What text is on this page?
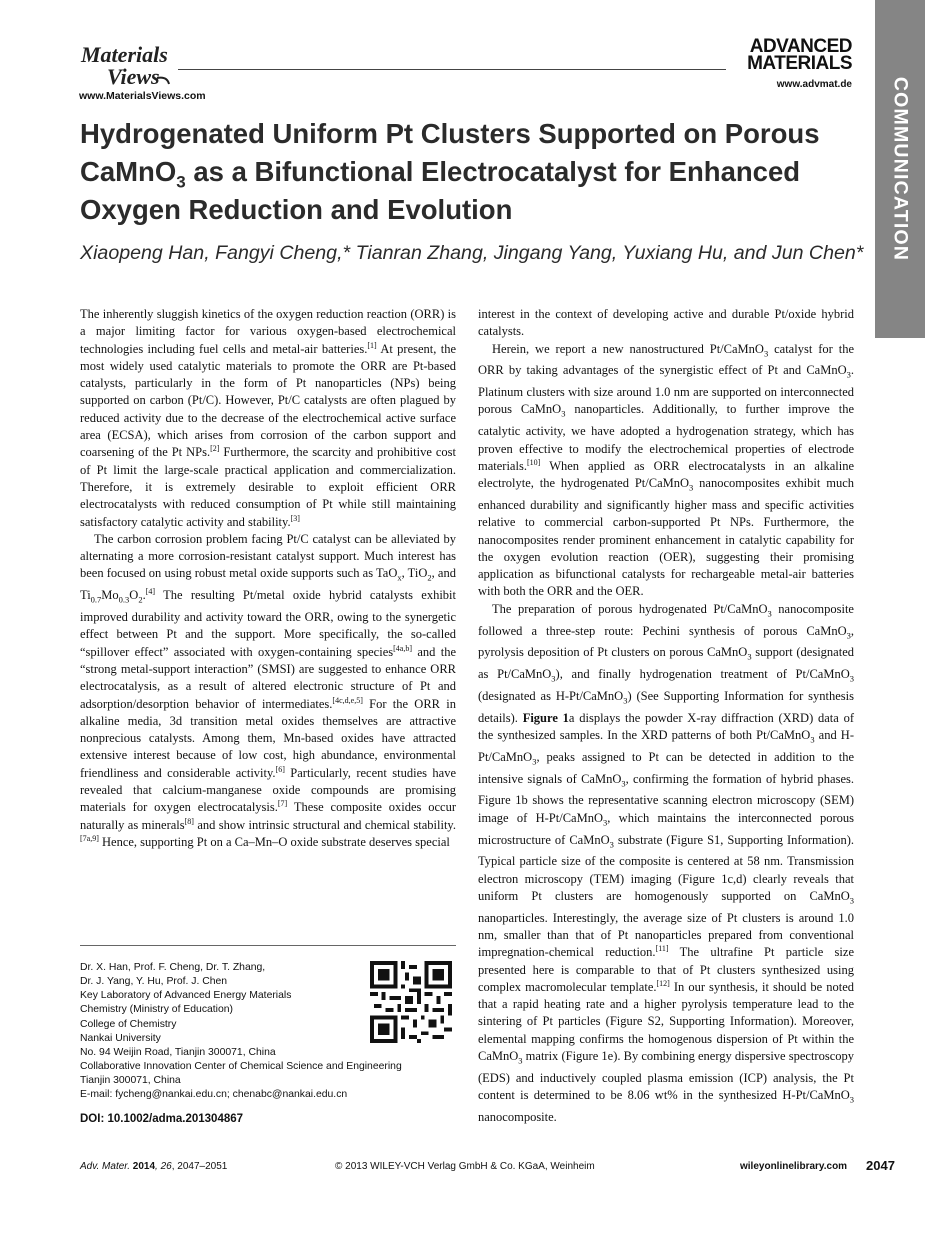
Materials
Views
www.MaterialsViews.com
ADVANCED
MATERIALS
www.advmat.de COMMUNICATION
Hydrogenated Uniform Pt Clusters Supported on Porous
CaMnO$_3$ as a Bifunctional Electrocatalyst for Enhanced
Oxygen Reduction and Evolution
Xiaopeng Han, Fangyi Cheng,* Tianran Zhang, Jingang Yang, Yuxiang Hu, and Jun Chen*

The inherently sluggish kinetics of the oxygen reduction reaction (ORR) is a major limiting factor for various oxygen-based electrochemical technologies including fuel cells and metal-air batteries.[1] At present, the most widely used catalytic materials to promote the ORR are Pt-based catalysts, particularly in the form of Pt nanoparticles (NPs) being supported on carbon (Pt/C). However, Pt/C catalysts are often plagued by reduced activity due to the decrease of the electrochemical active surface area (ECSA), which arises from corrosion of the carbon support and coarsening of the Pt NPs.[2] Furthermore, the scarcity and prohibitive cost of Pt limit the large-scale practical application and commercialization. Therefore, it is extremely desirable to exploit efficient ORR electrocatalysts with reduced consumption of Pt while still maintaining satisfactory catalytic activity and stability.[3]

The carbon corrosion problem facing Pt/C catalyst can be alleviated by alternating a more corrosion-resistant catalyst support. Much interest has been focused on using robust metal oxide supports such as TaO$_x$, TiO$_2$, and $Ti_{0.7}Mo_{0.3}O_2.[4]$ The resulting Pt/metal oxide hybrid catalysts exhibit improved durability and activity toward the ORR, owing to the synergetic effect between Pt and the support. More specifically, the so-called “spillover effect” associated with oxygen-containing species[4a,b] and the “strong metal-support interaction” (SMSI) are suggested to enhance ORR electrocatalysis, as a result of altered electronic structure of Pt and adsorption/desorption behavior of intermediates.[4c,d,e,5] For the ORR in alkaline media, 3d transition metal oxides themselves are attractive nonprecious catalysts. Among them, Mn-based oxides have attracted extensive interest because of low cost, high abundance, environmental friendliness and considerable activity.[6] Particularly, recent studies have revealed that calcium-manganese oxide compounds are promising materials for oxygen electrocatalysis.[7] These composite oxides occur naturally as minerals[8] and show intrinsic structural and chemical stability.[7a,9] Hence, supporting Pt on a Ca–Mn–O oxide substrate deserves special

interest in the context of developing active and durable Pt/oxide hybrid catalysts.

Herein, we report a new nanostructured Pt/CaMnO$_3$ catalyst for the ORR by taking advantages of the synergistic effect of Pt and CaMnO$_3$. Platinum clusters with size around 1.0 nm are supported on interconnected porous CaMnO$_3$ nanoparticles. Additionally, to further improve the catalytic activity, we have adopted a hydrogenation strategy, which has proven effective to modify the electrochemical properties of electrode materials.[10] When applied as ORR electrocatalysts in an alkaline electrolyte, the hydrogenated Pt/CaMnO$_3$ nanocomposites exhibit much enhanced durability and significantly higher mass and specific activities relative to commercial carbon-supported Pt NPs. Furthermore, the nanocomposites render prominent enhancement in catalytic capability for the oxygen evolution reaction (OER), suggesting their promising application as bifunctional catalysts for rechargeable metal-air batteries with both the ORR and the OER.

The preparation of porous hydrogenated Pt/CaMnO$_3$ nanocomposite followed a three-step route: Pechini synthesis of porous CaMnO$_3$, pyrolysis deposition of Pt clusters on porous CaMnO$_3$ support (designated as Pt/CaMnO$_3$), and finally hydrogenation treatment of Pt/CaMnO$_3$ (designated as H-Pt/CaMnO$_3$) (See Supporting Information for synthesis details). Figure 1a displays the powder X-ray diffraction (XRD) data of the synthesized samples. In the XRD patterns of both Pt/CaMnO$_3$ and H-Pt/CaMnO$_3$, peaks assigned to Pt can be detected in addition to the intensive signals of CaMnO$_3$, confirming the formation of hybrid phases. Figure 1b shows the representative scanning electron microscopy (SEM) image of H-Pt/CaMnO$_3$, which maintains the interconnected porous microstructure of CaMnO$_3$ substrate (Figure S1, Supporting Information). Typical particle size of the composite is centered at 58 nm. Transmission electron microscopy (TEM) imaging (Figure 1c,d) clearly reveals that uniform Pt clusters are homogenously supported on CaMnO$_3$ nanoparticles. Interestingly, the average size of Pt clusters is around 1.0 nm, smaller than that of Pt nanoparticles prepared from conventional impregnation-chemical reduction.[11] The ultrafine Pt particle size presented here is comparable to that of Pt clusters synthesized using complex macromolecular template.[12] In our synthesis, it should be noted that a rapid heating rate and a higher pyrolysis temperature lead to the sintering of Pt particles (Figure S2, Supporting Information). Moreover, elemental mapping confirms the homogenous dispersion of Pt within the CaMnO$_3$ matrix (Figure 1e). By combining energy dispersive spectroscopy (EDS) and inductively coupled plasma emission (ICP) analysis, the Pt content is determined to be 8.06 wt% in the synthesized H-Pt/CaMnO$_3$ nanocomposite.

Dr. X. Han, Prof. F. Cheng, Dr. T. Zhang,
Dr. J. Yang, Y. Hu, Prof. J. Chen
Key Laboratory of Advanced Energy Materials
Chemistry (Ministry of Education)
College of Chemistry
Nankai University
No. 94 Weijin Road, Tianjin 300071, China
Collaborative Innovation Center of Chemical Science and Engineering
Tianjin 300071, China
E-mail: fycheng@nankai.edu.cn; chenabc@nankai.edu.cn
DOI: 10.1002/adma.201304867
Adv. Mater. 2014, 26, 2047–2051	© 2013 WILEY-VCH Verlag GmbH & Co. KGaA, Weinheim	wileyonlinelibrary.com 2047
